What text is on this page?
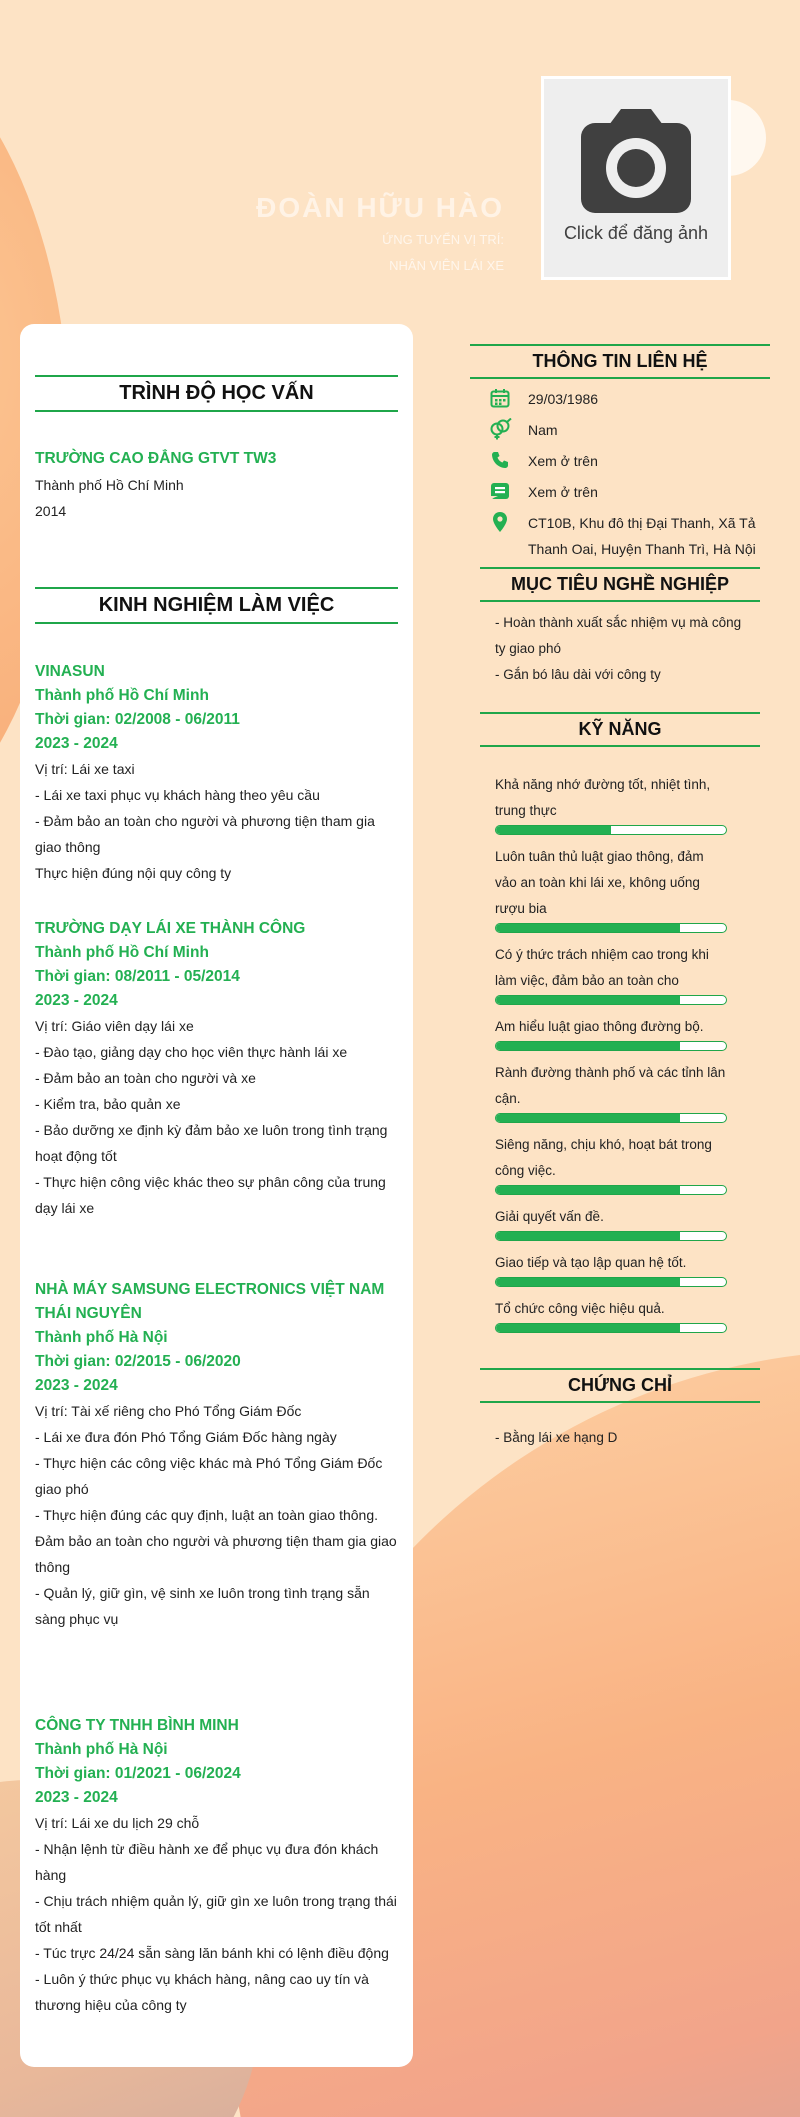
ĐOÀN HỮU HÀO
ỨNG TUYỂN VỊ TRÍ:
NHÂN VIÊN LÁI XE
Click để đăng ảnh
TRÌNH ĐỘ HỌC VẤN
TRƯỜNG CAO ĐẲNG GTVT TW3
Thành phố Hồ Chí Minh
2014
KINH NGHIỆM LÀM VIỆC
VINASUN
Thành phố Hồ Chí Minh
Thời gian: 02/2008 - 06/2011
2023 - 2024
Vị trí: Lái xe taxi
- Lái xe taxi phục vụ khách hàng theo yêu cầu
- Đảm bảo an toàn cho người và phương tiện tham gia giao thông
Thực hiện đúng nội quy công ty
TRƯỜNG DẠY LÁI XE THÀNH CÔNG
Thành phố Hồ Chí Minh
Thời gian: 08/2011 - 05/2014
2023 - 2024
Vị trí: Giáo viên dạy lái xe
- Đào tạo, giảng dạy cho học viên thực hành lái xe
- Đảm bảo an toàn cho người và xe
- Kiểm tra, bảo quản xe
- Bảo dưỡng xe định kỳ đảm bảo xe luôn trong tình trạng hoạt động tốt
- Thực hiện công việc khác theo sự phân công của trung dạy lái xe
NHÀ MÁY SAMSUNG ELECTRONICS VIỆT NAM THÁI NGUYÊN
Thành phố Hà Nội
Thời gian: 02/2015 - 06/2020
2023 - 2024
Vị trí: Tài xế riêng cho Phó Tổng Giám Đốc
- Lái xe đưa đón Phó Tổng Giám Đốc hàng ngày
- Thực hiện các công việc khác mà Phó Tổng Giám Đốc giao phó
- Thực hiện đúng các quy định, luật an toàn giao thông. Đảm bảo an toàn cho người và phương tiện tham gia giao thông
- Quản lý, giữ gìn, vệ sinh xe luôn trong tình trạng sẵn sàng phục vụ
CÔNG TY TNHH BÌNH MINH
Thành phố Hà Nội
Thời gian: 01/2021 - 06/2024
2023 - 2024
Vị trí: Lái xe du lịch 29 chỗ
- Nhận lệnh từ điều hành xe để phục vụ đưa đón khách hàng
- Chịu trách nhiệm quản lý, giữ gìn xe luôn trong trạng thái tốt nhất
- Túc trực 24/24 sẵn sàng lăn bánh khi có lệnh điều động
- Luôn ý thức phục vụ khách hàng, nâng cao uy tín và thương hiệu của công ty
THÔNG TIN LIÊN HỆ
29/03/1986
Nam
Xem ở trên
Xem ở trên
CT10B, Khu đô thị Đại Thanh, Xã Tả Thanh Oai, Huyện Thanh Trì, Hà Nội
MỤC TIÊU NGHỀ NGHIỆP
- Hoàn thành xuất sắc nhiệm vụ mà công ty giao phó
- Gắn bó lâu dài với công ty
KỸ NĂNG
Khả năng nhớ đường tốt, nhiệt tình, trung thực
Luôn tuân thủ luật giao thông, đảm vảo an toàn khi lái xe, không uống rượu bia
Có ý thức trách nhiệm cao trong khi làm việc, đảm bảo an toàn cho
Am hiểu luật giao thông đường bộ.
Rành đường thành phố và các tỉnh lân cận.
Siêng năng, chịu khó, hoạt bát trong công việc.
Giải quyết vấn đề.
Giao tiếp và tạo lập quan hệ tốt.
Tổ chức công việc hiệu quả.
CHỨNG CHỈ
- Bằng lái xe hạng D
